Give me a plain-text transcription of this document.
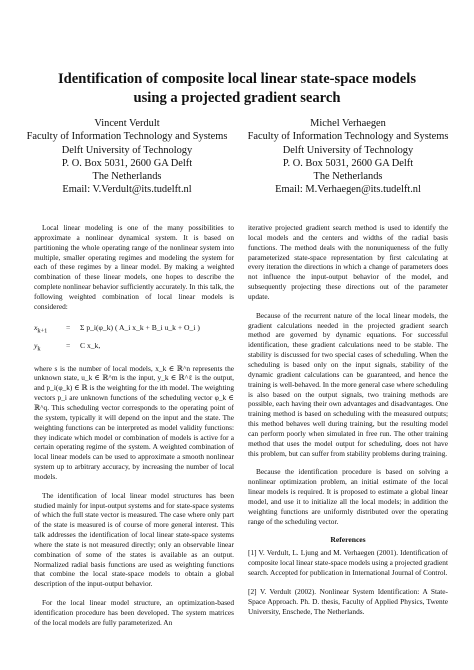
Identification of composite local linear state-space models
using a projected gradient search
Vincent Verdult
Faculty of Information Technology and Systems
Delft University of Technology
P. O. Box 5031, 2600 GA Delft
The Netherlands
Email: V.Verdult@its.tudelft.nl
Michel Verhaegen
Faculty of Information Technology and Systems
Delft University of Technology
P. O. Box 5031, 2600 GA Delft
The Netherlands
Email: M.Verhaegen@its.tudelft.nl

Local linear modeling is one of the many possibilities to approximate a nonlinear dynamical system. It is based on partitioning the whole operating range of the nonlinear system into multiple, smaller operating regimes and modeling the system for each of these regimes by a linear model. By making a weighted combination of these linear models, one hopes to describe the complete nonlinear behavior sufficiently accurately. In this talk, the following weighted combination of local linear models is considered:

$x_{k+1} = \Sigma$ p_i(φ_k) ( A_i x_k + B_i u_k + O_i )
$y_k$	= C x_k,

where s is the number of local models, x_k ∈ ℝ^n represents the unknown state, u_k ∈ ℝ^m is the input, y_k ∈ ℝ^ℓ is the output, and p_i(φ_k) ∈ ℝ is the weighting for the ith model. The weighting vectors p_i are unknown functions of the scheduling vector φ_k ∈ ℝ^q. This scheduling vector corresponds to the operating point of the system, typically it will depend on the input and the state. The weighting functions can be interpreted as model validity functions: they indicate which model or combination of models is active for a certain operating regime of the system. A weighted combination of local linear models can be used to approximate a smooth nonlinear system up to arbitrary accuracy, by increasing the number of local models.

The identification of local linear model structures has been studied mainly for input-output systems and for state-space systems of which the full state vector is measured. The case where only part of the state is measured is of course of more general interest. This talk addresses the identification of local linear state-space systems where the state is not measured directly; only an observable linear combination of some of the states is available as an output. Normalized radial basis functions are used as weighting functions that combine the local state-space models to obtain a global description of the input-output behavior.

For the local linear model structure, an optimization-based identification procedure has been developed. The system matrices of the local models are fully parameterized. An

iterative projected gradient search method is used to identify the local models and the centers and widths of the radial basis functions. The method deals with the nonuniqueness of the fully parameterized state-space representation by first calculating at every iteration the directions in which a change of parameters does not influence the input-output behavior of the model, and subsequently projecting these directions out of the parameter update.

Because of the recurrent nature of the local linear models, the gradient calculations needed in the projected gradient search method are governed by dynamic equations. For successful identification, these gradient calculations need to be stable. The stability is discussed for two special cases of scheduling. When the scheduling is based only on the input signals, stability of the dynamic gradient calculations can be guaranteed, and hence the training is well-behaved. In the more general case where scheduling is also based on the output signals, two training methods are possible, each having their own advantages and disadvantages. One training method is based on scheduling with the measured outputs; this method behaves well during training, but the resulting model can perform poorly when simulated in free run. The other training method that uses the model output for scheduling, does not have this problem, but can suffer from stability problems during training.

Because the identification procedure is based on solving a nonlinear optimization problem, an initial estimate of the local linear models is required. It is proposed to estimate a global linear model, and use it to initialize all the local models; in addition the weighting functions are uniformly distributed over the operating range of the scheduling vector.

References

[1] V. Verdult, L. Ljung and M. Verhaegen (2001). Identification of composite local linear state-space models using a projected gradient search. Accepted for publication in International Journal of Control.

[2] V. Verdult (2002). Nonlinear System Identification: A State-Space Approach. Ph. D. thesis, Faculty of Applied Physics, Twente University, Enschede, The Netherlands.
